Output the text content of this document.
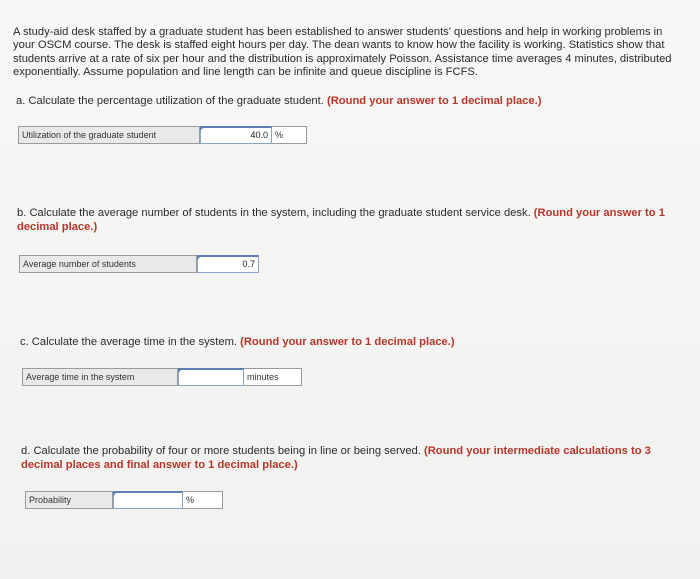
A study-aid desk staffed by a graduate student has been established to answer students' questions and help in working problems in your OSCM course. The desk is staffed eight hours per day. The dean wants to know how the facility is working. Statistics show that students arrive at a rate of six per hour and the distribution is approximately Poisson. Assistance time averages 4 minutes, distributed exponentially. Assume population and line length can be infinite and queue discipline is FCFS.
a. Calculate the percentage utilization of the graduate student. (Round your answer to 1 decimal place.)
Utilization of the graduate student	40.0 %
b. Calculate the average number of students in the system, including the graduate student service desk. (Round your answer to 1 decimal place.)
Average number of students	0.7
c. Calculate the average time in the system. (Round your answer to 1 decimal place.)
Average time in the system	minutes
d. Calculate the probability of four or more students being in line or being served. (Round your intermediate calculations to 3 decimal places and final answer to 1 decimal place.)
Probability	%
